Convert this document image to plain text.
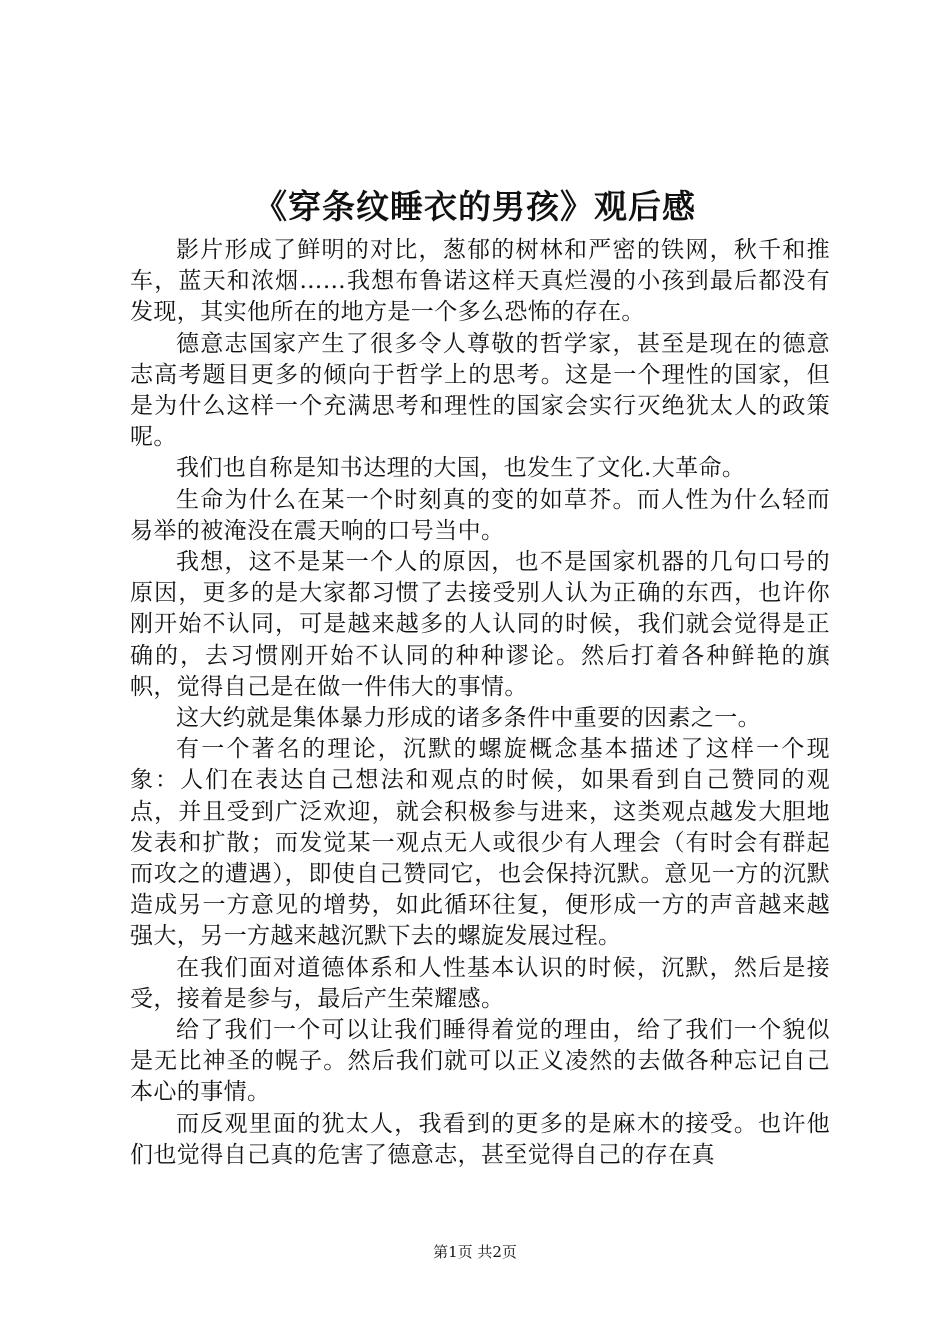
《穿条纹睡衣的男孩》观后感

影片形成了鲜明的对比，葱郁的树林和严密的铁网，秋千和推车，蓝天和浓烟……我想布鲁诺这样天真烂漫的小孩到最后都没有发现，其实他所在的地方是一个多么恐怖的存在。

德意志国家产生了很多令人尊敬的哲学家，甚至是现在的德意志高考题目更多的倾向于哲学上的思考。这是一个理性的国家，但是为什么这样一个充满思考和理性的国家会实行灭绝犹太人的政策呢。

我们也自称是知书达理的大国，也发生了文化.大革命。

生命为什么在某一个时刻真的变的如草芥。而人性为什么轻而易举的被淹没在震天响的口号当中。

我想，这不是某一个人的原因，也不是国家机器的几句口号的原因，更多的是大家都习惯了去接受别人认为正确的东西，也许你刚开始不认同，可是越来越多的人认同的时候，我们就会觉得是正确的，去习惯刚开始不认同的种种谬论。然后打着各种鲜艳的旗帜，觉得自己是在做一件伟大的事情。

这大约就是集体暴力形成的诸多条件中重要的因素之一。

有一个著名的理论，沉默的螺旋概念基本描述了这样一个现象：人们在表达自己想法和观点的时候，如果看到自己赞同的观点，并且受到广泛欢迎，就会积极参与进来，这类观点越发大胆地发表和扩散；而发觉某一观点无人或很少有人理会（有时会有群起而攻之的遭遇），即使自己赞同它，也会保持沉默。意见一方的沉默造成另一方意见的增势，如此循环往复，便形成一方的声音越来越强大，另一方越来越沉默下去的螺旋发展过程。

在我们面对道德体系和人性基本认识的时候，沉默，然后是接受，接着是参与，最后产生荣耀感。

给了我们一个可以让我们睡得着觉的理由，给了我们一个貌似是无比神圣的幌子。然后我们就可以正义凌然的去做各种忘记自己本心的事情。

而反观里面的犹太人，我看到的更多的是麻木的接受。也许他们也觉得自己真的危害了德意志，甚至觉得自己的存在真

第1页 共2页
